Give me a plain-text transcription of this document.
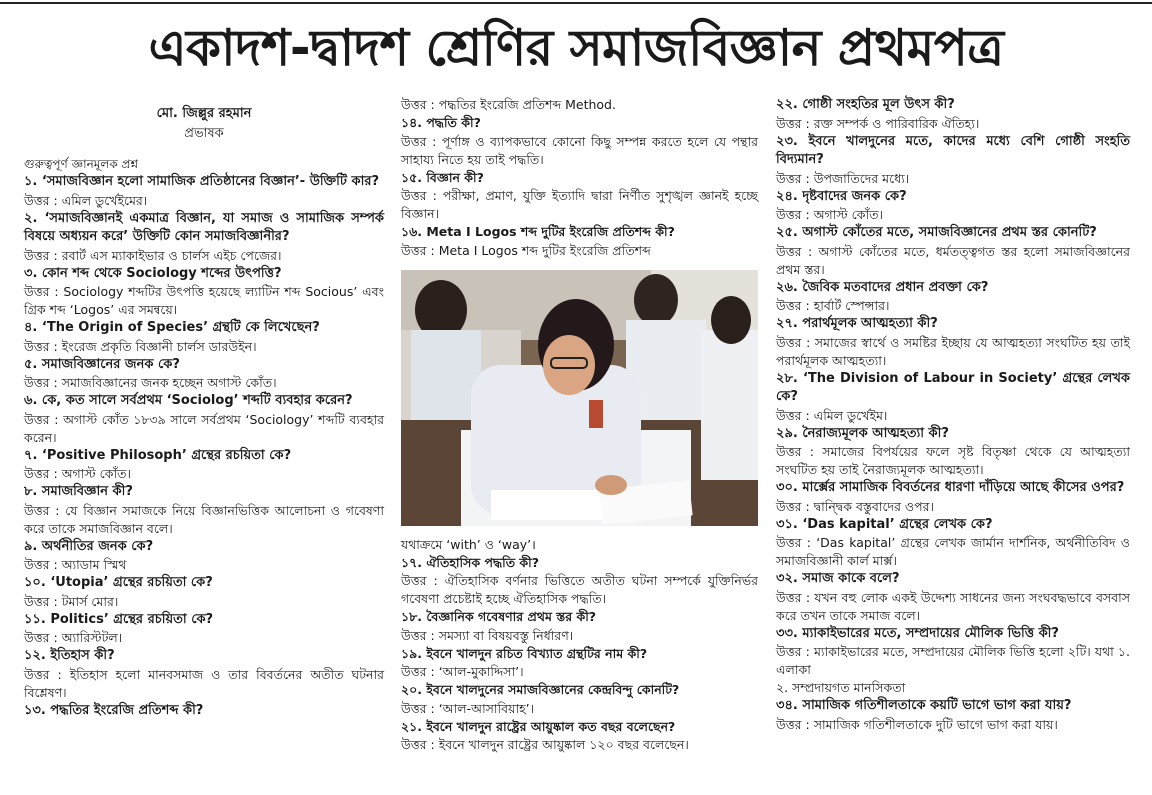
একাদশ-দ্বাদশ শ্রেণির সমাজবিজ্ঞান প্রথমপত্র
মো. জিল্লুর রহমান
প্রভাষক
গুরুত্বপূর্ণ জ্ঞানমূলক প্রশ্ন
১. ‘সমাজবিজ্ঞান হলো সামাজিক প্রতিষ্ঠানের বিজ্ঞান’- উক্তিটি কার?
উত্তর : এমিল ডুর্খেইমের।
২. ‘সমাজবিজ্ঞানই একমাত্র বিজ্ঞান, যা সমাজ ও সামাজিক সম্পর্ক বিষয়ে অধ্যয়ন করে’ উক্তিটি কোন সমাজবিজ্ঞানীর?
উত্তর : রবার্ট এস ম্যাকাইভার ও চার্লস এইচ পেজের।
৩. কোন শব্দ থেকে Sociology শব্দের উৎপত্তি?
উত্তর : Sociology শব্দটির উৎপত্তি হয়েছে ল্যাটিন শব্দ Socious’ এবং গ্রিক শব্দ ‘Logos’ এর সমন্বয়ে।
৪. ‘The Origin of Species’ গ্রন্থটি কে লিখেছেন?
উত্তর : ইংরেজ প্রকৃতি বিজ্ঞানী চার্লস ডারউইন।
৫. সমাজবিজ্ঞানের জনক কে?
উত্তর : সমাজবিজ্ঞানের জনক হচ্ছেন অগাস্ট কোঁত।
৬. কে, কত সালে সর্বপ্রথম ‘Sociolog’ শব্দটি ব্যবহার করেন?
উত্তর : অগাস্ট কোঁত ১৮৩৯ সালে সর্বপ্রথম ‘Sociology’ শব্দটি ব্যবহার করেন।
৭. ‘Positive Philosoph’ গ্রন্থের রচয়িতা কে?
উত্তর : অগাস্ট কোঁত।
৮. সমাজবিজ্ঞান কী?
উত্তর : যে বিজ্ঞান সমাজকে নিয়ে বিজ্ঞানভিত্তিক আলোচনা ও গবেষণা করে তাকে সমাজবিজ্ঞান বলে।
৯. অর্থনীতির জনক কে?
উত্তর : অ্যাডাম স্মিথ
১০. ‘Utopia’ গ্রন্থের রচয়িতা কে?
উত্তর : টমার্স মোর।
১১. Politics’ গ্রন্থের রচয়িতা কে?
উত্তর : অ্যারিস্টটল।
১২. ইতিহাস কী?
উত্তর : ইতিহাস হলো মানবসমাজ ও তার বিবর্তনের অতীত ঘটনার বিশ্লেষণ।
১৩. পদ্ধতির ইংরেজি প্রতিশব্দ কী?
উত্তর : পদ্ধতির ইংরেজি প্রতিশব্দ Method.
১৪. পদ্ধতি কী?
উত্তর : পূর্ণাঙ্গ ও ব্যাপকভাবে কোনো কিছু সম্পন্ন করতে হলে যে পন্থার সাহায্য নিতে হয় তাই পদ্ধতি।
১৫. বিজ্ঞান কী?
উত্তর : পরীক্ষা, প্রমাণ, যুক্তি ইত্যাদি দ্বারা নির্ণীত সুশৃঙ্খল জ্ঞানই হচ্ছে বিজ্ঞান।
১৬. Meta I Logos শব্দ দুটির ইংরেজি প্রতিশব্দ কী?
উত্তর : Meta I Logos শব্দ দুটির ইংরেজি প্রতিশব্দ
যথাক্রমে ‘with’ ও ‘way’।
১৭. ঐতিহাসিক পদ্ধতি কী?
উত্তর : ঐতিহাসিক বর্ণনার ভিত্তিতে অতীত ঘটনা সম্পর্কে যুক্তিনির্ভর গবেষণা প্রচেষ্টাই হচ্ছে ঐতিহাসিক পদ্ধতি।
১৮. বৈজ্ঞানিক গবেষণার প্রথম স্তর কী?
উত্তর : সমস্যা বা বিষয়বস্তু নির্ধারণ।
১৯. ইবনে খালদুন রচিত বিখ্যাত গ্রন্থটির নাম কী?
উত্তর : ‘আল-মুকাদ্দিসা’।
২০. ইবনে খালদুনের সমাজবিজ্ঞানের কেন্দ্রবিন্দু কোনটি?
উত্তর : ‘আল-আসাবিয়াহ’।
২১. ইবনে খালদুন রাষ্ট্রের আয়ুষ্কাল কত বছর বলেছেন?
উত্তর : ইবনে খালদুন রাষ্ট্রের আয়ুষ্কাল ১২০ বছর বলেছেন।
২২. গোষ্ঠী সংহতির মূল উৎস কী?
উত্তর : রক্ত সম্পর্ক ও পারিবারিক ঐতিহ্য।
২৩. ইবনে খালদুনের মতে, কাদের মধ্যে বেশি গোষ্ঠী সংহতি বিদ্যমান?
উত্তর : উপজাতিদের মধ্যে।
২৪. দৃষ্টবাদের জনক কে?
উত্তর : অগাস্ট কোঁত।
২৫. অগাস্ট কোঁতের মতে, সমাজবিজ্ঞানের প্রথম স্তর কোনটি?
উত্তর : অগাস্ট কোঁতের মতে, ধর্মতত্ত্বগত স্তর হলো সমাজবিজ্ঞানের প্রথম স্তর।
২৬. জৈবিক মতবাদের প্রধান প্রবক্তা কে?
উত্তর : হার্বার্ট স্পেন্সার।
২৭. পরার্থমূলক আত্মহত্যা কী?
উত্তর : সমাজের স্বার্থে ও সমষ্টির ইচ্ছায় যে আত্মহত্যা সংঘটিত হয় তাই পরার্থমূলক আত্মহত্যা।
২৮. ‘The Division of Labour in Society’ গ্রন্থের লেখক কে?
উত্তর : এমিল ডুর্খেইম।
২৯. নৈরাজ্যমূলক আত্মহত্যা কী?
উত্তর : সমাজের বিপর্যয়ের ফলে সৃষ্ট বিতৃষ্ণা থেকে যে আত্মহত্যা সংঘটিত হয় তাই নৈরাজ্যমূলক আত্মহত্যা।
৩০. মার্ক্সের সামাজিক বিবর্তনের ধারণা দাঁড়িয়ে আছে কীসের ওপর?
উত্তর : দ্বান্দ্বিক বস্তুবাদের ওপর।
৩১. ‘Das kapital’ গ্রন্থের লেখক কে?
উত্তর : ‘Das kapital’ গ্রন্থের লেখক জার্মান দার্শনিক, অর্থনীতিবিদ ও সমাজবিজ্ঞানী কার্ল মার্ক্স।
৩২. সমাজ কাকে বলে?
উত্তর : যখন বহু লোক একই উদ্দেশ্য সাধনের জন্য সংঘবদ্ধভাবে বসবাস করে তখন তাকে সমাজ বলে।
৩৩. ম্যাকাইভারের মতে, সম্প্রদায়ের মৌলিক ভিত্তি কী?
উত্তর : ম্যাকাইভারের মতে, সম্প্রদায়ের মৌলিক ভিত্তি হলো ২টি। যথা ১. এলাকা
২. সম্প্রদায়গত মানসিকতা
৩৪. সামাজিক গতিশীলতাকে কয়টি ভাগে ভাগ করা যায়?
উত্তর : সামাজিক গতিশীলতাকে দুটি ভাগে ভাগ করা যায়।
